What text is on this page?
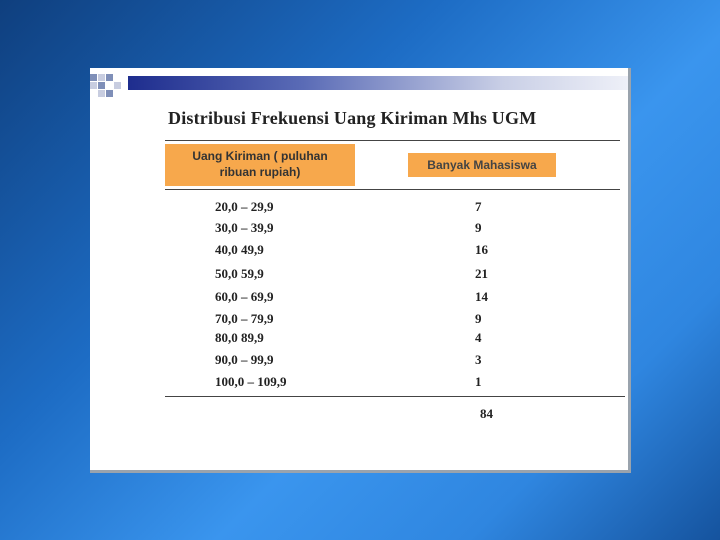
Distribusi Frekuensi Uang Kiriman Mhs UGM
Uang Kiriman ( puluhan
ribuan rupiah)	Banyak Mahasiswa
20,0 – 29,9	7
30,0 – 39,9	9
40,0 49,9	16
50,0 59,9	21
60,0 – 69,9	14
70,0 – 79,9	9
80,0 89,9	4
90,0 – 99,9	3
100,0 – 109,9	1
84
